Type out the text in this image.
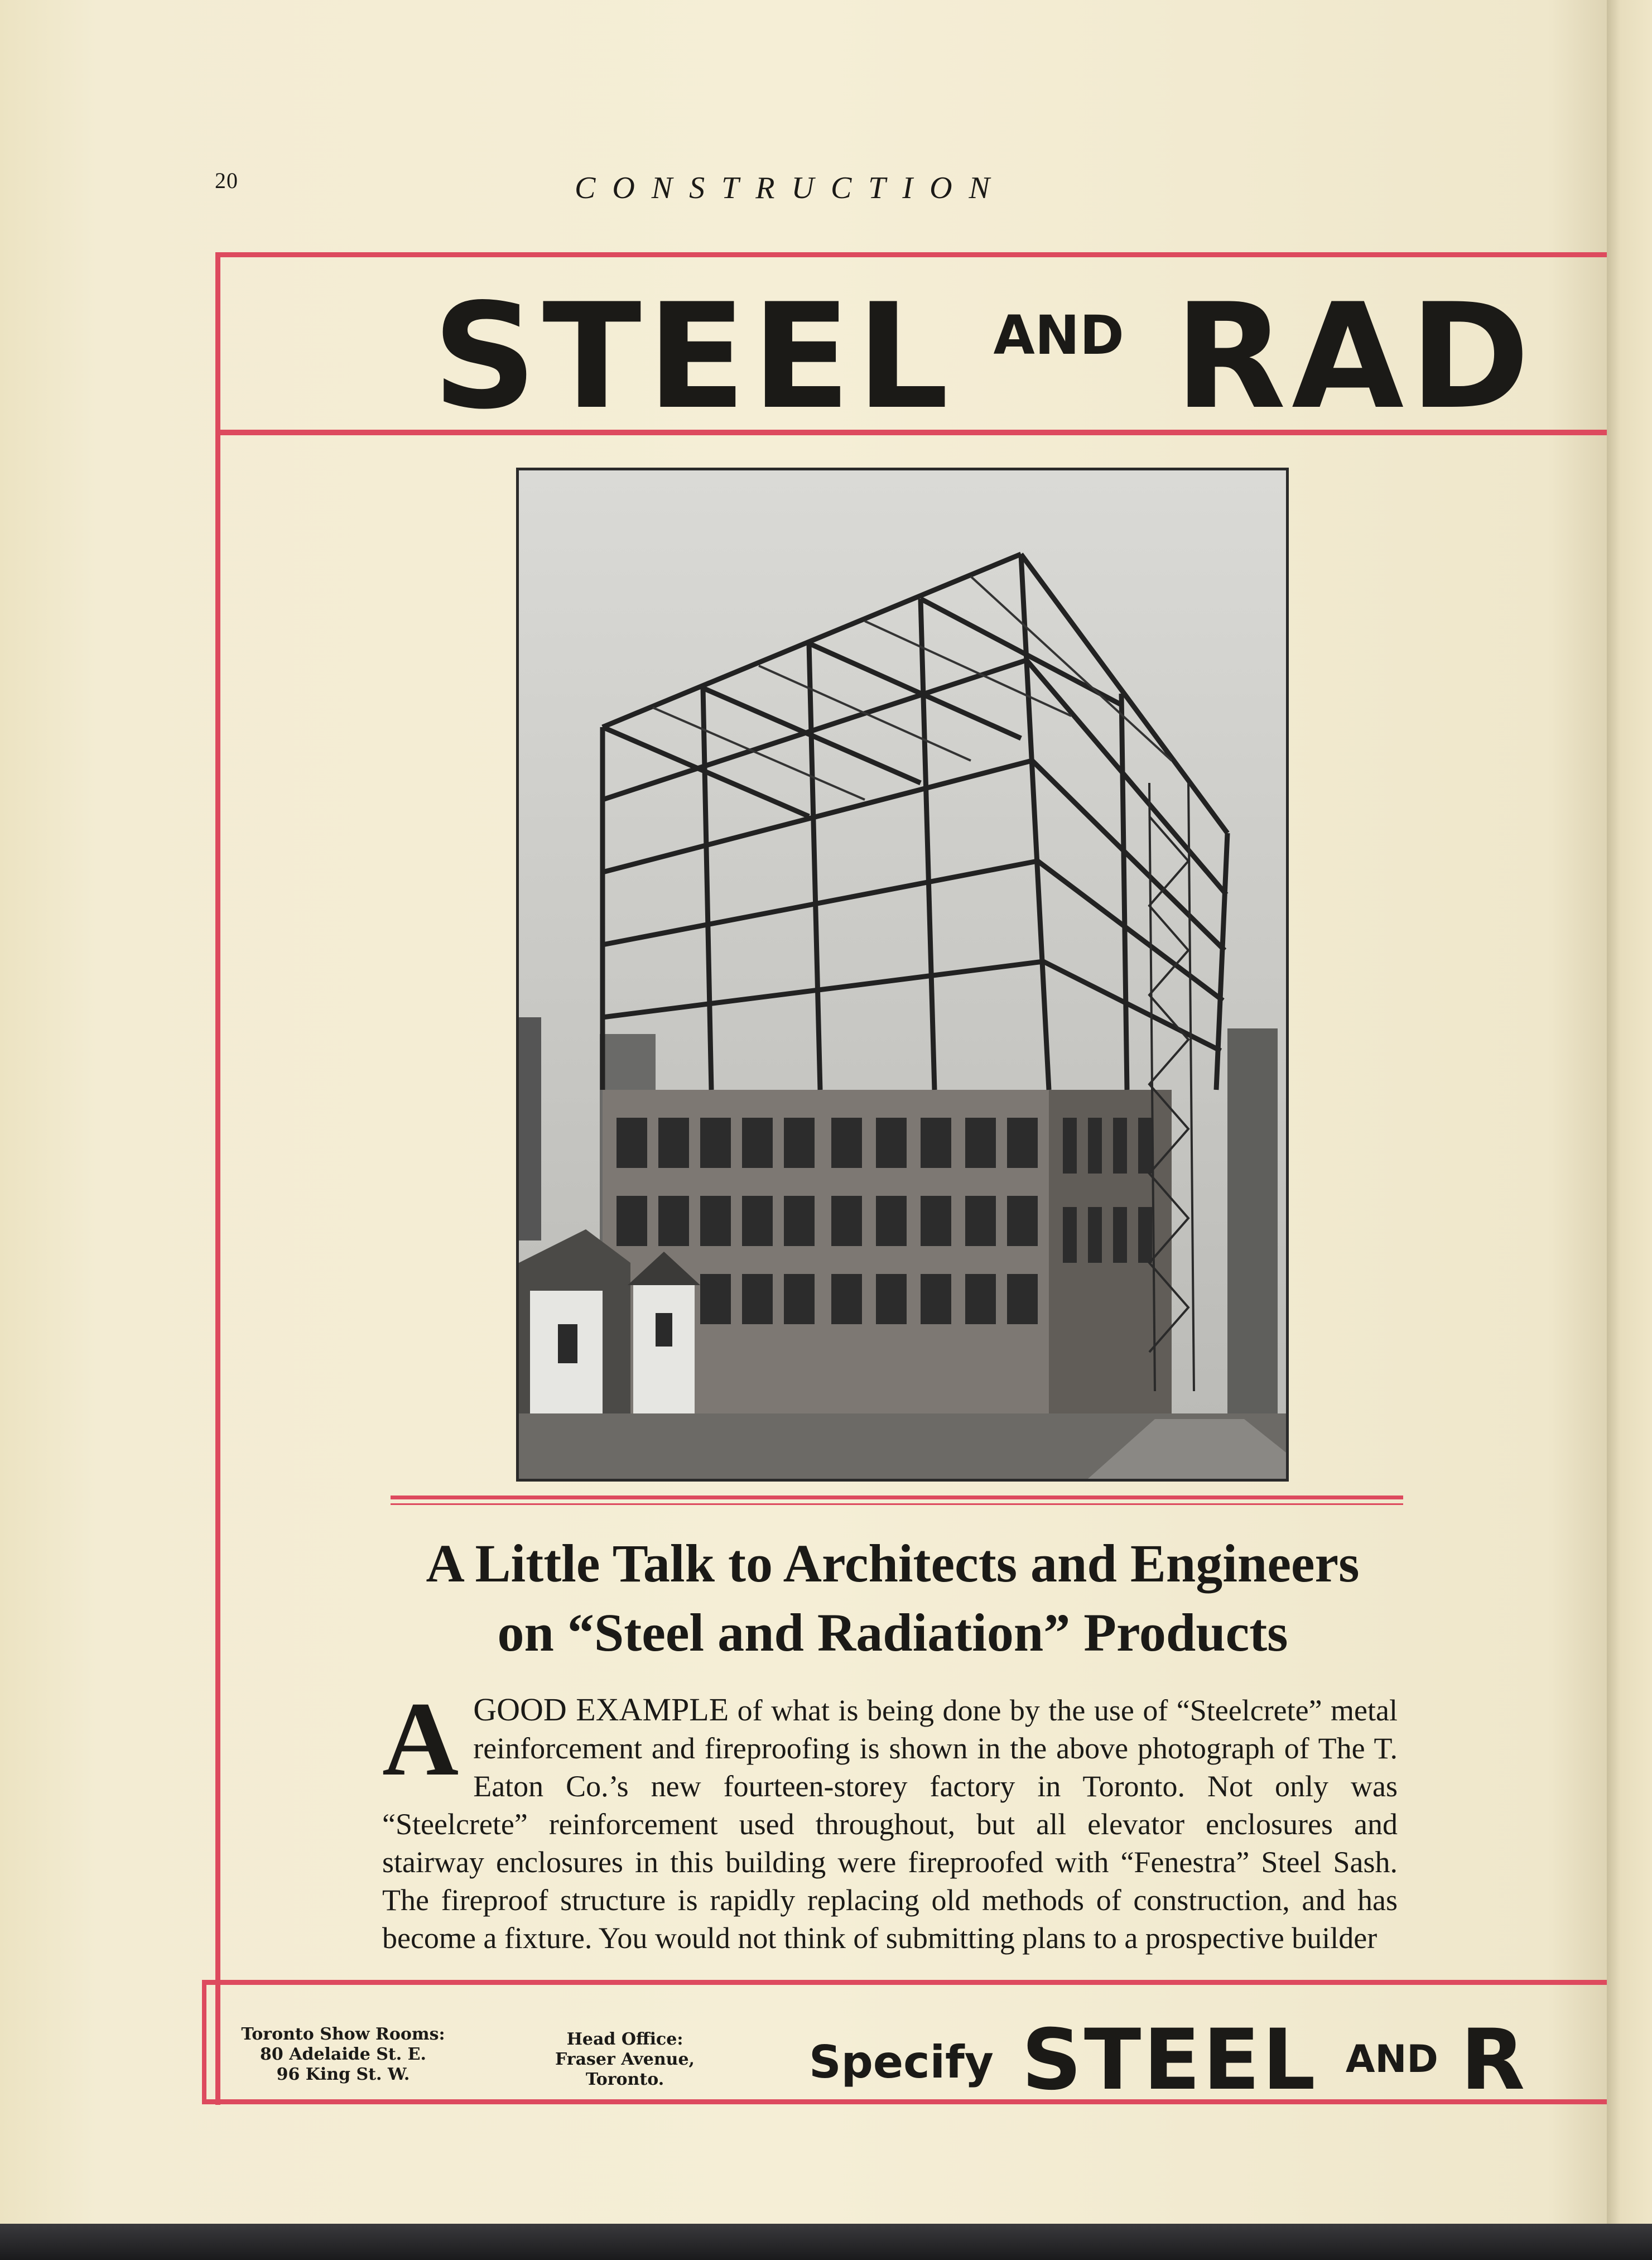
20	CONSTRUCTION
STEEL AND RAD
A Little Talk to Architects and Engineers
on “Steel and Radiation” Products
A GOOD EXAMPLE of what is being done by the use of “Steelcrete” metal reinforcement and fireproofing is shown in the above photograph of The T. Eaton Co.’s new fourteen-storey factory in Toronto. Not only was “Steelcrete” reinforcement used throughout, but all elevator enclosures and stairway enclosures in this building were fireproofed with “Fenestra” Steel Sash. The fireproof structure is rapidly replacing old methods of construction, and has become a fixture. You would not think of submitting plans to a prospective builder
Toronto Show Rooms:
80 Adelaide St. E.
96 King St. W.
Head Office:
Fraser Avenue,
Toronto.	Specify STEEL AND R
